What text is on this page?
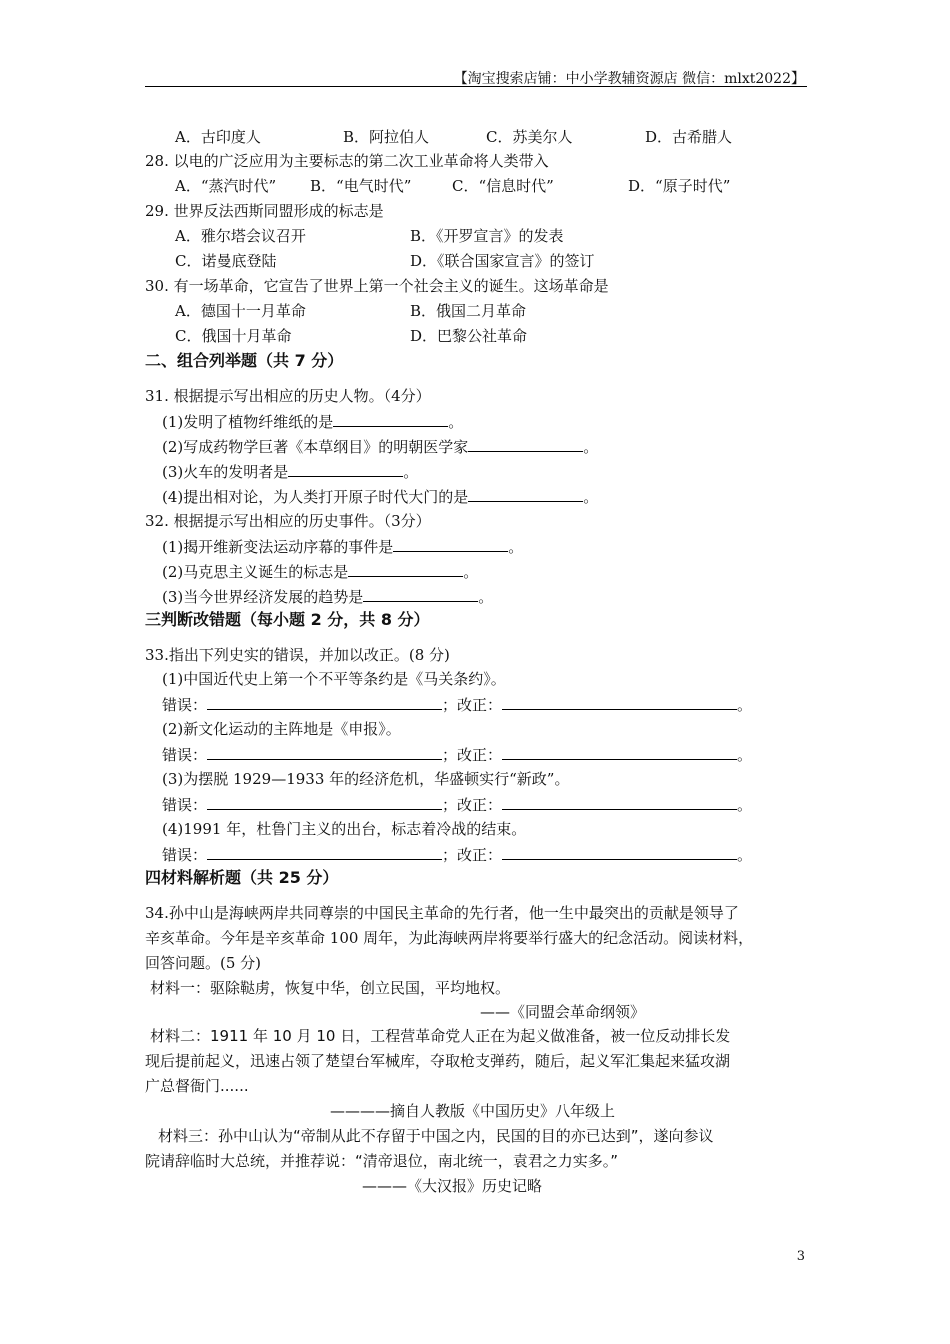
【淘宝搜索店铺：中小学教辅资源店 微信：mlxt2022】
A．古印度人	B．阿拉伯人	C．苏美尔人	D．古希腊人
28. 以电的广泛应用为主要标志的第二次工业革命将人类带入
A．“蒸汽时代” B．“电气时代”	C．“信息时代”	D．“原子时代”
29. 世界反法西斯同盟形成的标志是
A．雅尔塔会议召开	B．《开罗宣言》的发表
C．诺曼底登陆	D．《联合国家宣言》的签订
30. 有一场革命，它宣告了世界上第一个社会主义的诞生。这场革命是
A．德国十一月革命	B．俄国二月革命
C．俄国十月革命	D．巴黎公社革命
二、组合列举题（共 7 分）
31. 根据提示写出相应的历史人物。（4分）
(1)发明了植物纤维纸的是	。
(2)写成药物学巨著《本草纲目》的明朝医学家	。
(3)火车的发明者是	。
(4)提出相对论，为人类打开原子时代大门的是	。
32. 根据提示写出相应的历史事件。（3分）
(1)揭开维新变法运动序幕的事件是	。
(2)马克思主义诞生的标志是	。
(3)当今世界经济发展的趋势是	。
三判断改错题（每小题 2 分，共 8 分）
33.指出下列史实的错误，并加以改正。(8 分)
(1)中国近代史上第一个不平等条约是《马关条约》。
错误：	；改正：	。
(2)新文化运动的主阵地是《申报》。
错误：	；改正：	。
(3)为摆脱 1929—1933 年的经济危机，华盛顿实行“新政”。
错误：	；改正：	。
(4)1991 年，杜鲁门主义的出台，标志着冷战的结束。
错误：	；改正：	。
四材料解析题（共 25 分）
34.孙中山是海峡两岸共同尊崇的中国民主革命的先行者，他一生中最突出的贡献是领导了
辛亥革命。今年是辛亥革命 100 周年，为此海峡两岸将要举行盛大的纪念活动。阅读材料，
回答问题。(5 分)
材料一：驱除鞑虏，恢复中华，创立民国，平均地权。
——《同盟会革命纲领》
材料二：1911 年 10 月 10 日，工程营革命党人正在为起义做准备，被一位反动排长发
现后提前起义，迅速占领了楚望台军械库，夺取枪支弹药，随后，起义军汇集起来猛攻湖
广总督衙门......
————摘自人教版《中国历史》八年级上
材料三：孙中山认为“帝制从此不存留于中国之内，民国的目的亦已达到”，遂向参议
院请辞临时大总统，并推荐说：“清帝退位，南北统一，袁君之力实多。”
———《大汉报》历史记略
3
